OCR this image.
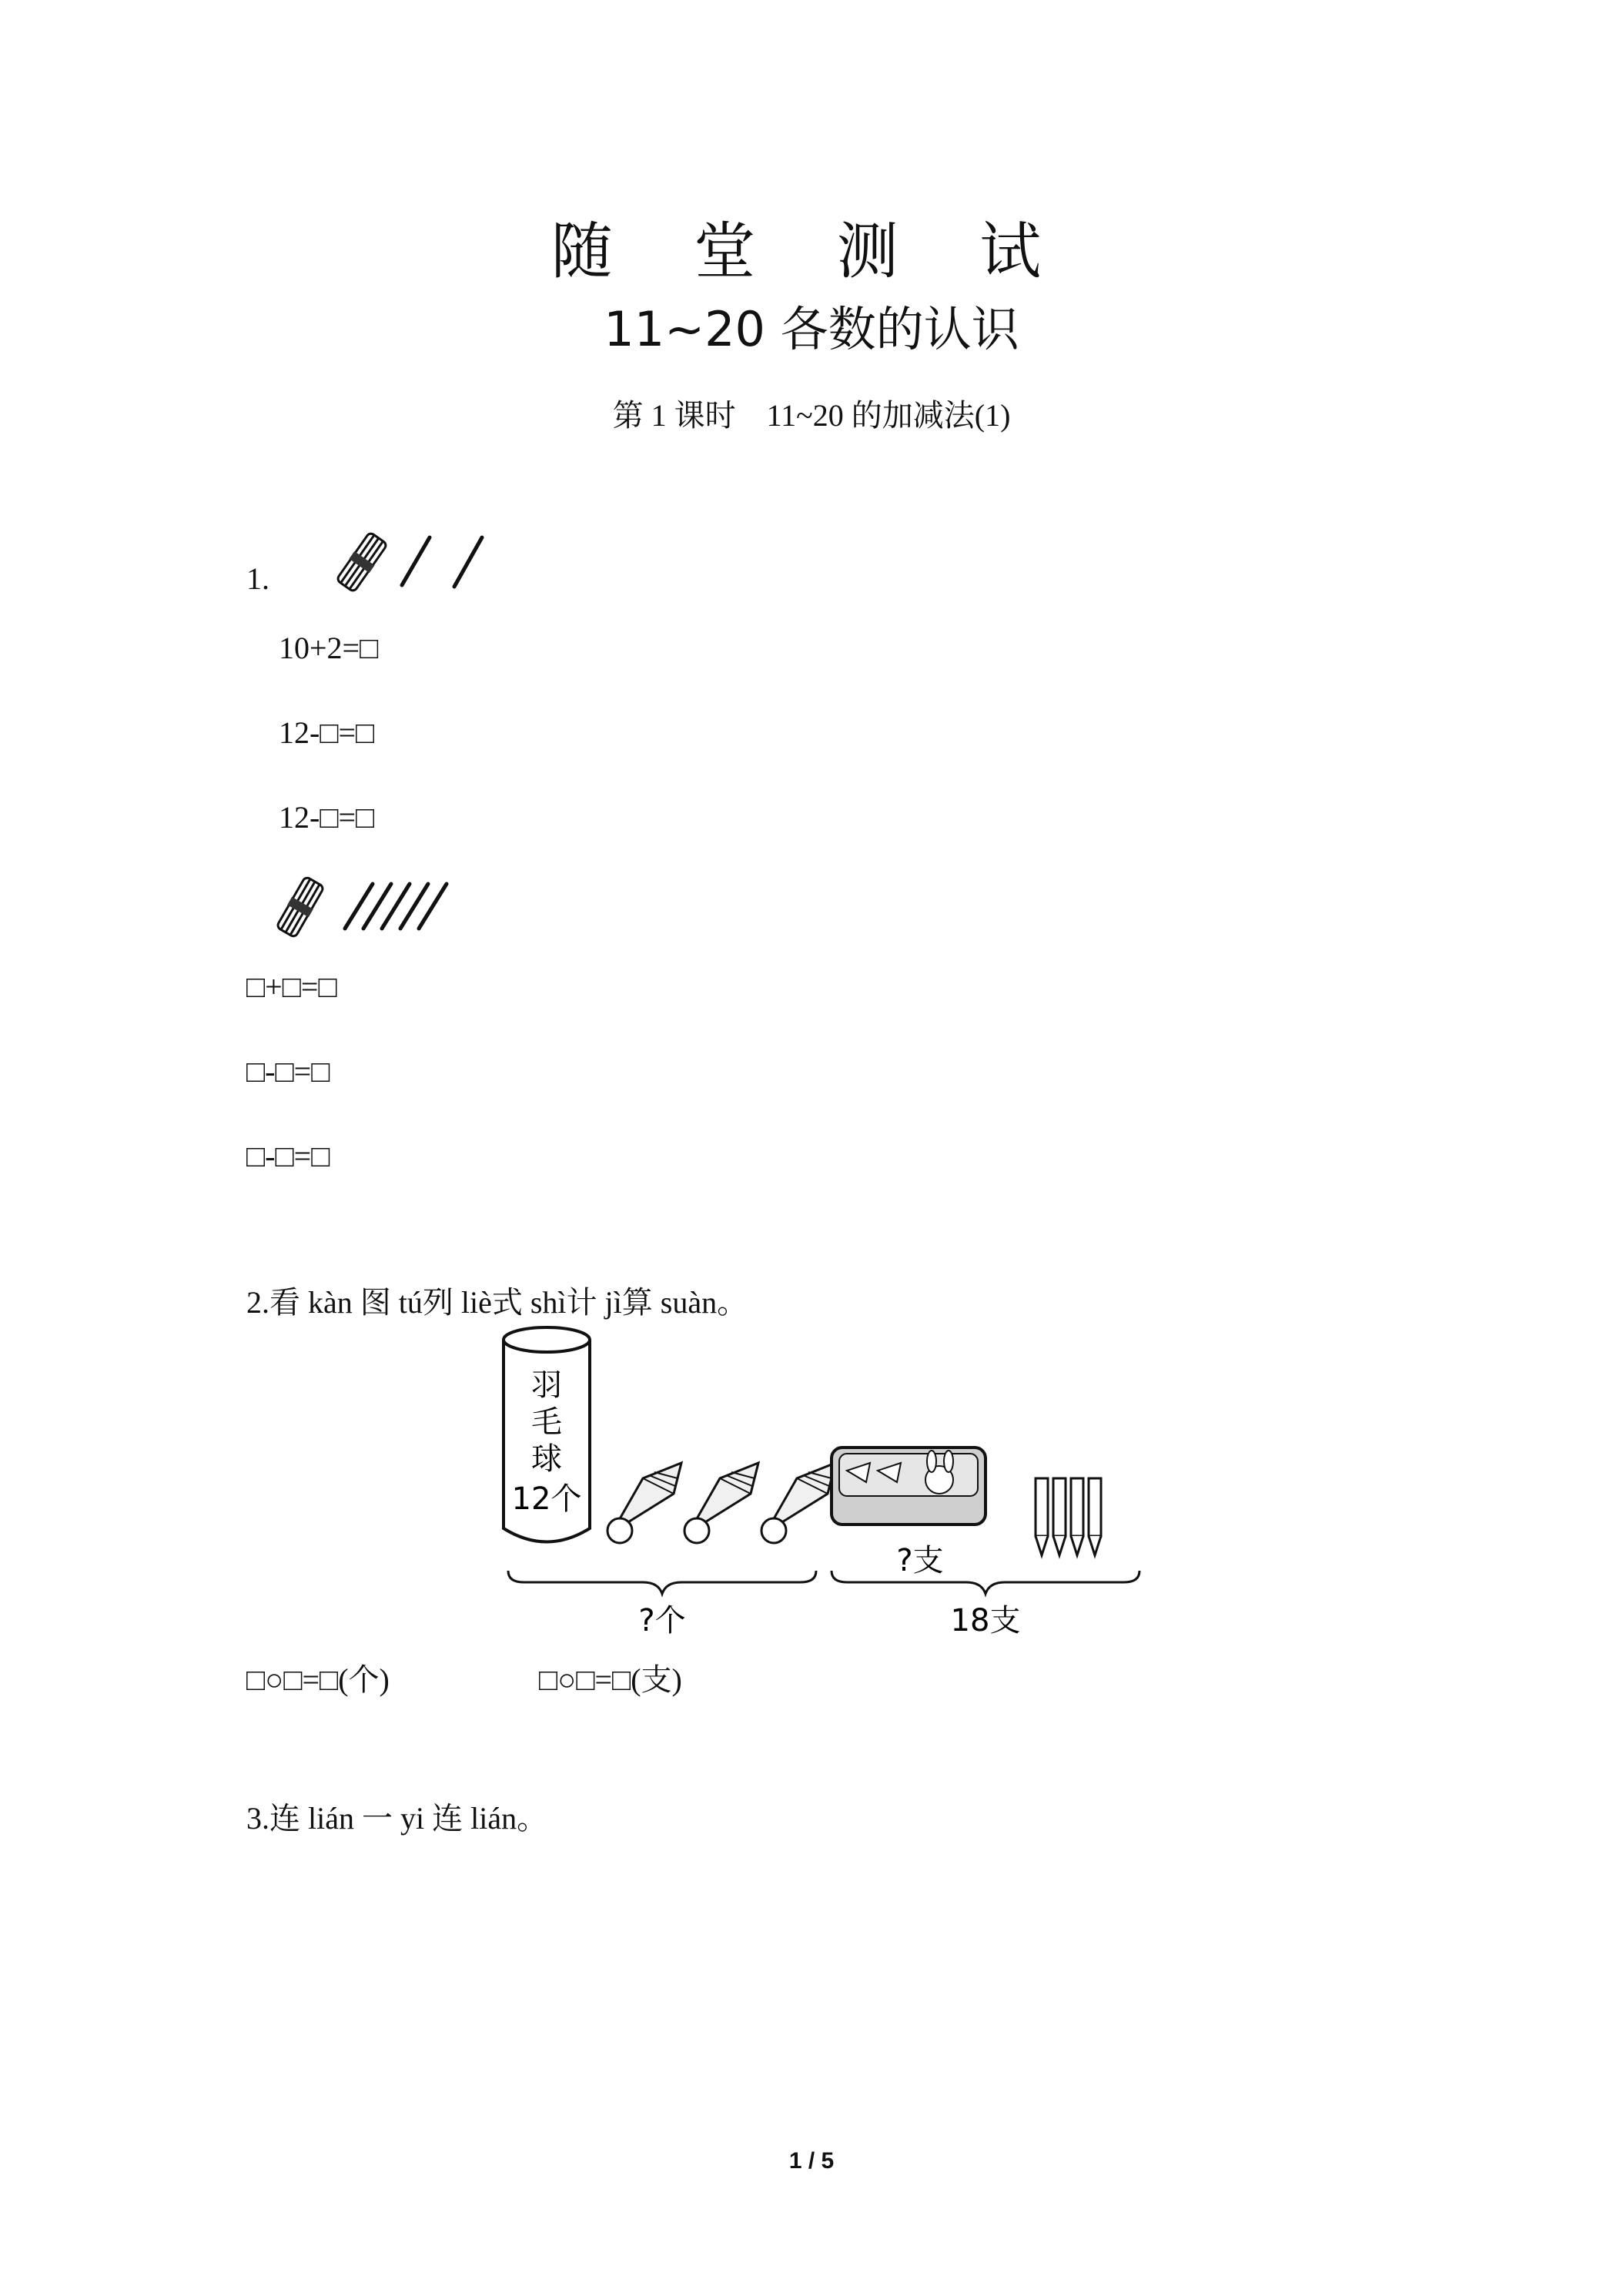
随 堂 测 试
11~20 各数的认识
第 1 课时　11~20 的加减法(1)
1.
10+2=□
12-□=□
12-□=□
□+□=□
□-□=□
□-□=□
2.看 kàn 图 tú列 liè式 shì计 jì算 suàn。
羽
毛
球
12个
?支
?个	18支
□○□=□(个)	□○□=□(支)
3.连 lián 一 yi 连 lián。
1 / 5
